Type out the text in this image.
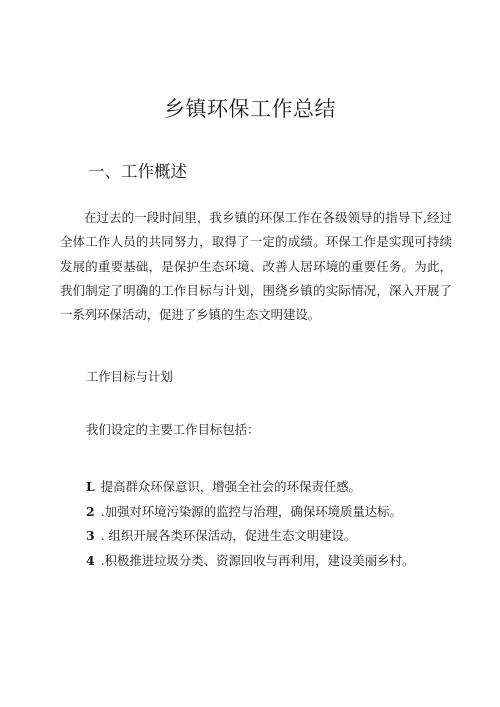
乡镇环保工作总结
一、工作概述

在过去的一段时间里，我乡镇的环保工作在各级领导的指导下,经过全体工作人员的共同努力，取得了一定的成绩。环保工作是实现可持续发展的重要基础，是保护生态环境、改善人居环境的重要任务。为此，我们制定了明确的工作目标与计划，围绕乡镇的实际情况，深入开展了一系列环保活动，促进了乡镇的生态文明建设。

工作目标与计划

我们设定的主要工作目标包括：

L 提高群众环保意识，增强全社会的环保责任感。
2 .加强对环境污染源的监控与治理，确保环境质量达标。
3 . 组织开展各类环保活动，促进生态文明建设。
4 .积极推进垃圾分类、资源回收与再利用，建设美丽乡村。
